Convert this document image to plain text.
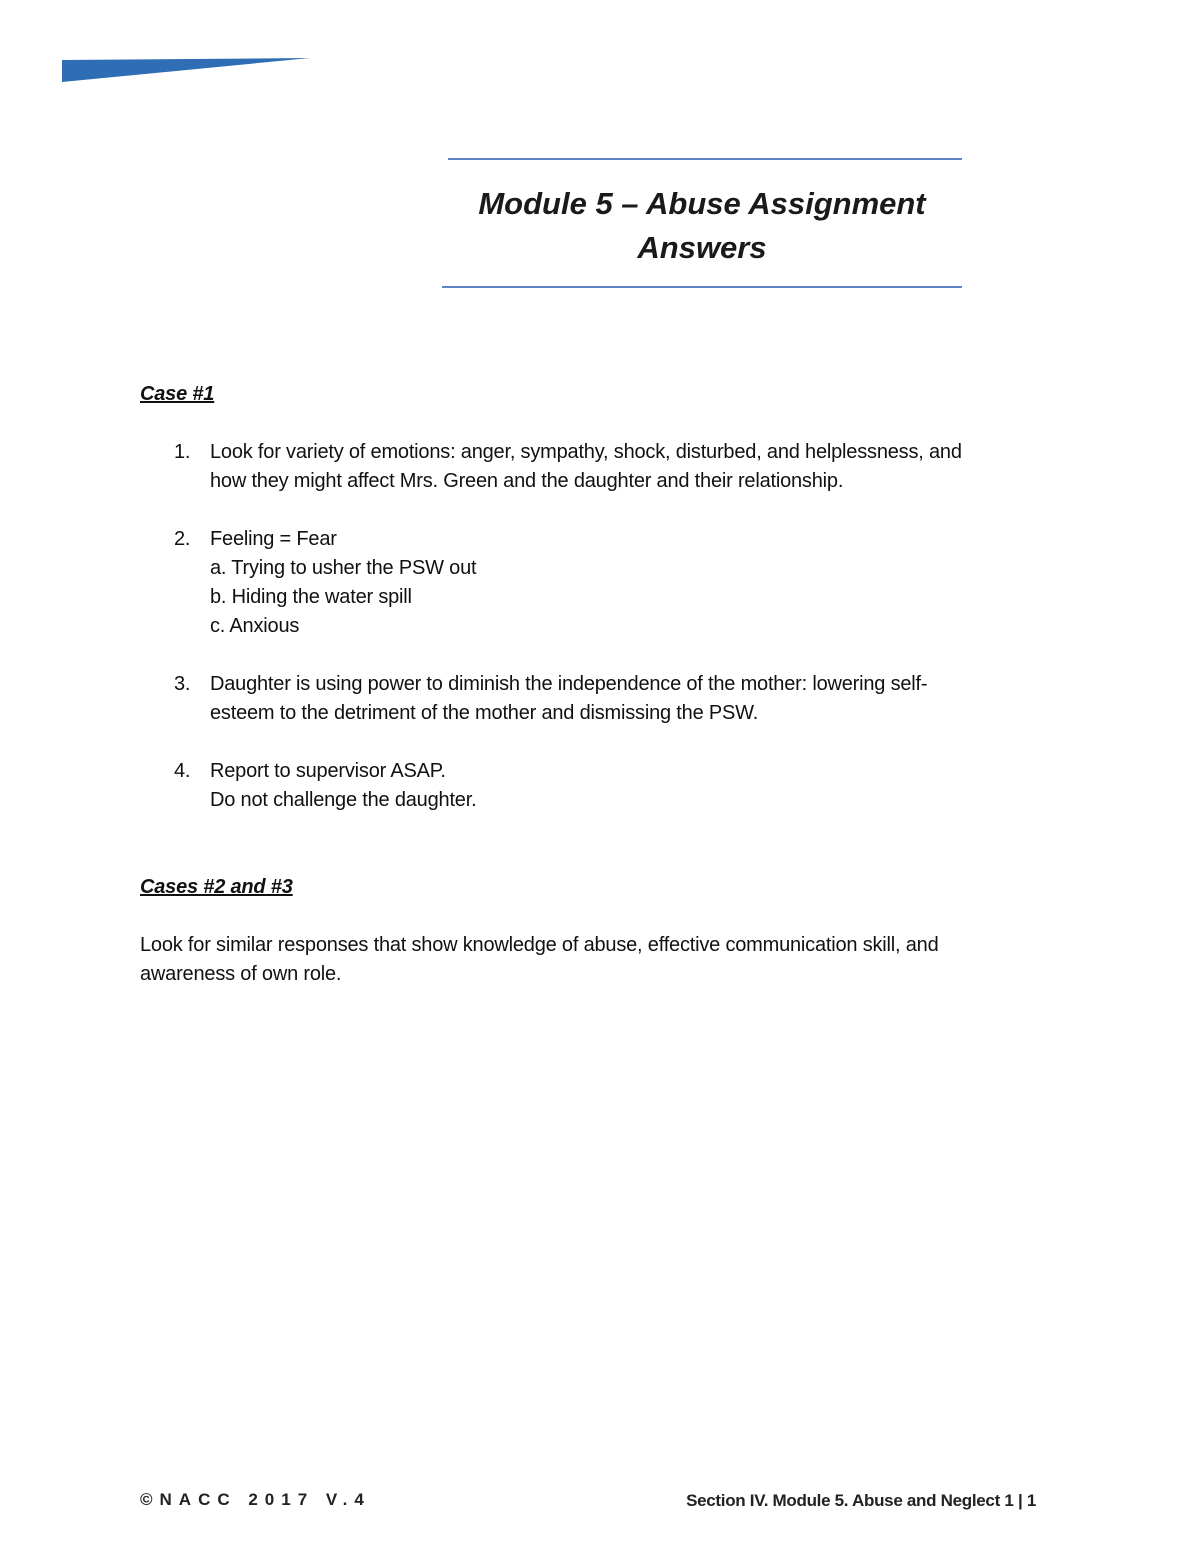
Module 5 – Abuse Assignment
Answers

Case #1

1. Look for variety of emotions: anger, sympathy, shock, disturbed, and helplessness, and
how they might affect Mrs. Green and the daughter and their relationship.
2. Feeling = Fear
a. Trying to usher the PSW out
b. Hiding the water spill
c. Anxious
3. Daughter is using power to diminish the independence of the mother: lowering self-
esteem to the detriment of the mother and dismissing the PSW.
4. Report to supervisor ASAP.
Do not challenge the daughter.

Cases #2 and #3

Look for similar responses that show knowledge of abuse, effective communication skill, and
awareness of own role.

©NACC 2017 V.4	Section IV. Module 5. Abuse and Neglect 1 | 1
